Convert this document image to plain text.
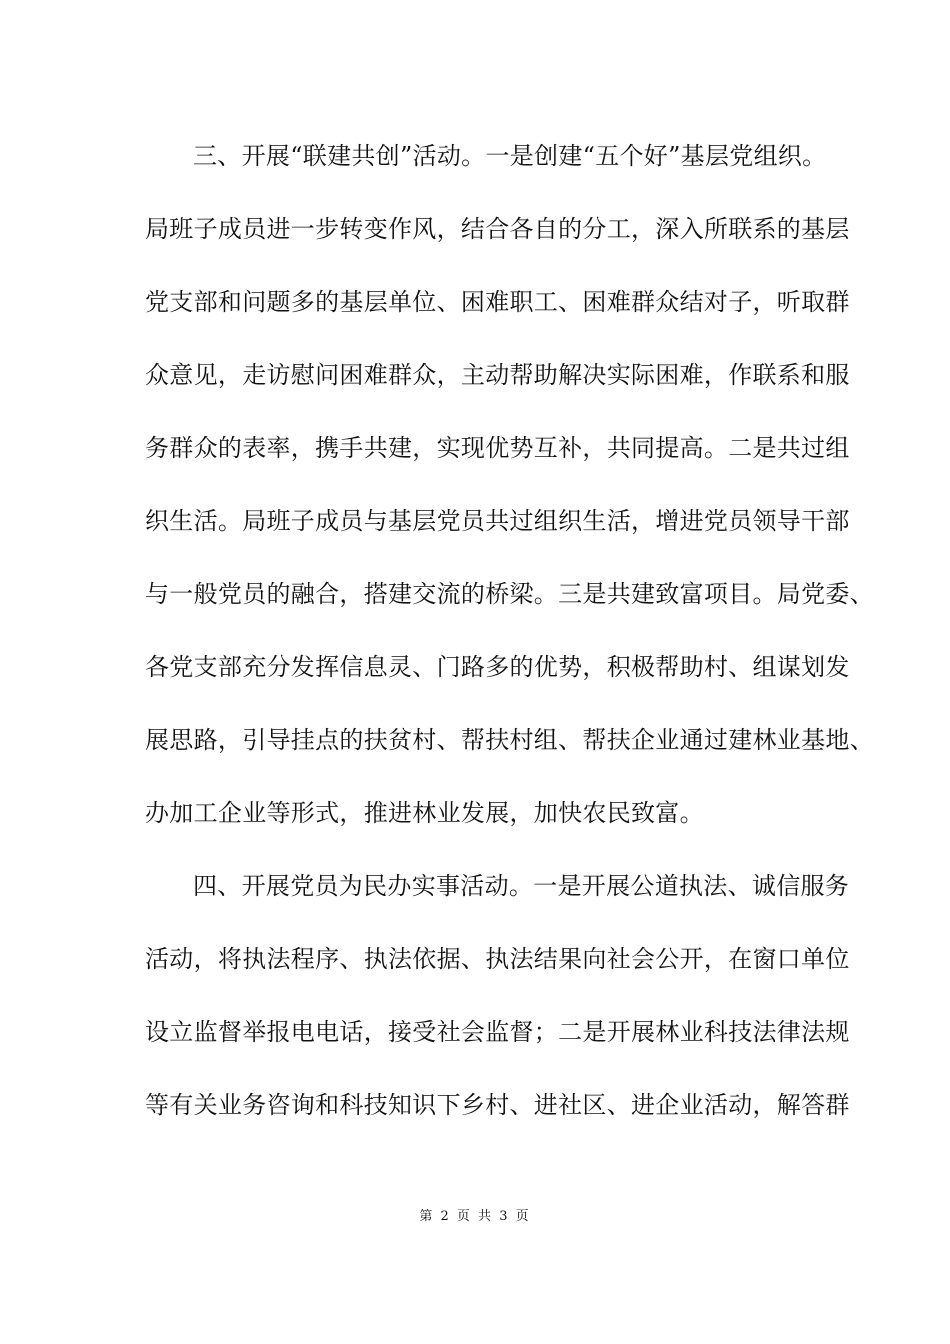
三、开展“联建共创”活动。一是创建“五个好”基层党组织。
局班子成员进一步转变作风，结合各自的分工，深入所联系的基层
党支部和问题多的基层单位、困难职工、困难群众结对子，听取群
众意见，走访慰问困难群众，主动帮助解决实际困难，作联系和服
务群众的表率，携手共建，实现优势互补，共同提高。二是共过组
织生活。局班子成员与基层党员共过组织生活，增进党员领导干部
与一般党员的融合，搭建交流的桥梁。三是共建致富项目。局党委、
各党支部充分发挥信息灵、门路多的优势，积极帮助村、组谋划发
展思路，引导挂点的扶贫村、帮扶村组、帮扶企业通过建林业基地、
办加工企业等形式，推进林业发展，加快农民致富。
四、开展党员为民办实事活动。一是开展公道执法、诚信服务
活动，将执法程序、执法依据、执法结果向社会公开，在窗口单位
设立监督举报电电话，接受社会监督；二是开展林业科技法律法规
等有关业务咨询和科技知识下乡村、进社区、进企业活动，解答群
第 2 页 共 3 页
